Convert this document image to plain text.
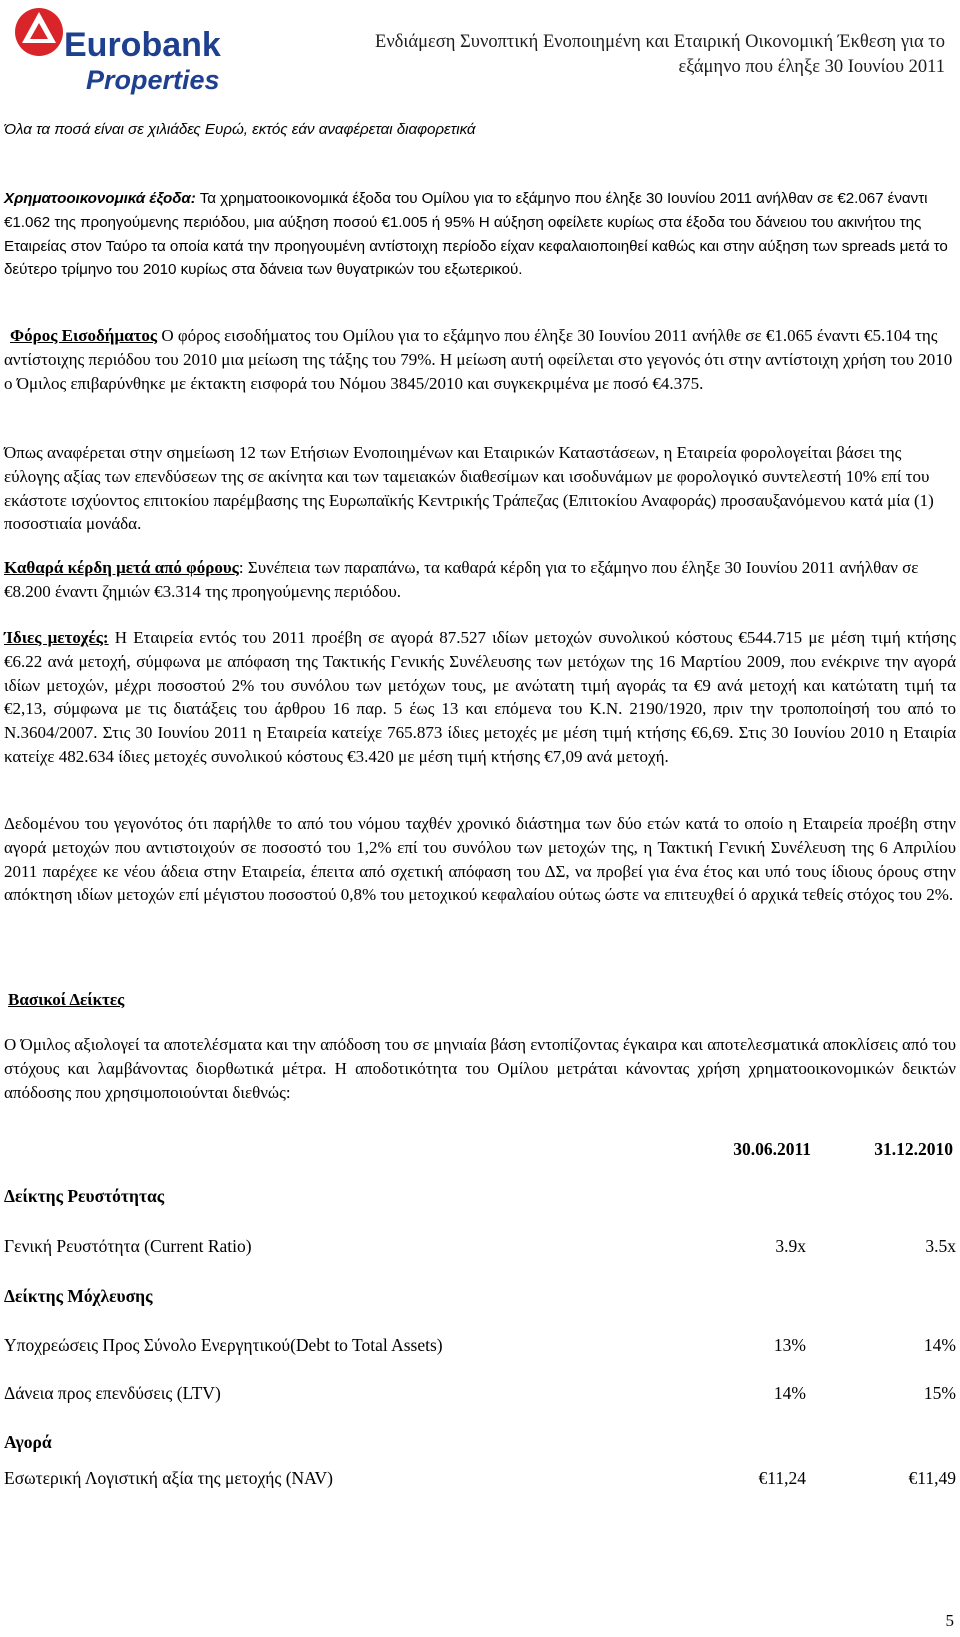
Eurobank
Properties
Ενδιάμεση Συνοπτική Ενοποιημένη και Εταιρική Οικονομική Έκθεση για το
εξάμηνο που έληξε 30 Ιουνίου 2011
Όλα τα ποσά είναι σε χιλιάδες Ευρώ, εκτός εάν αναφέρεται διαφορετικά
Χρηματοοικονομικά έξοδα: Τα χρηματοοικονομικά έξοδα του Ομίλου για το εξάμηνο που έληξε 30 Ιουνίου 2011 ανήλθαν σε €2.067 έναντι €1.062 της προηγούμενης περιόδου, μια αύξηση ποσού €1.005 ή 95% Η αύξηση οφείλετε κυρίως στα έξοδα του δάνειου του ακινήτου της Εταιρείας στον Ταύρο τα οποία κατά την προηγουμένη αντίστοιχη περίοδο είχαν κεφαλαιοποιηθεί καθώς και στην αύξηση των spreads μετά το δεύτερο τρίμηνο του 2010 κυρίως στα δάνεια των θυγατρικών του εξωτερικού.
Φόρος Εισοδήματος Ο φόρος εισοδήματος του Ομίλου για το εξάμηνο που έληξε 30 Ιουνίου 2011 ανήλθε σε €1.065 έναντι €5.104 της αντίστοιχης περιόδου του 2010 μια μείωση της τάξης του 79%. Η μείωση αυτή οφείλεται στο γεγονός ότι στην αντίστοιχη χρήση του 2010 ο Όμιλος επιβαρύνθηκε με έκτακτη εισφορά του Νόμου 3845/2010 και συγκεκριμένα με ποσό €4.375.
Όπως αναφέρεται στην σημείωση 12 των Ετήσιων Ενοποιημένων και Εταιρικών Καταστάσεων, η Εταιρεία φορολογείται βάσει της εύλογης αξίας των επενδύσεων της σε ακίνητα και των ταμειακών διαθεσίμων και ισοδυνάμων με φορολογικό συντελεστή 10% επί του εκάστοτε ισχύοντος επιτοκίου παρέμβασης της Ευρωπαϊκής Κεντρικής Τράπεζας (Επιτοκίου Αναφοράς) προσαυξανόμενου κατά μία (1) ποσοστιαία μονάδα.
Καθαρά κέρδη μετά από φόρους: Συνέπεια των παραπάνω, τα καθαρά κέρδη για το εξάμηνο που έληξε 30 Ιουνίου 2011 ανήλθαν σε €8.200 έναντι ζημιών €3.314 της προηγούμενης περιόδου.
Ίδιες μετοχές: Η Εταιρεία εντός του 2011 προέβη σε αγορά 87.527 ιδίων μετοχών συνολικού κόστους €544.715 με μέση τιμή κτήσης €6.22 ανά μετοχή, σύμφωνα με απόφαση της Τακτικής Γενικής Συνέλευσης των μετόχων της 16 Μαρτίου 2009, που ενέκρινε την αγορά ιδίων μετοχών, μέχρι ποσοστού 2% του συνόλου των μετόχων τους, με ανώτατη τιμή αγοράς τα €9 ανά μετοχή και κατώτατη τιμή τα €2,13, σύμφωνα με τις διατάξεις του άρθρου 16 παρ. 5 έως 13 και επόμενα του Κ.Ν. 2190/1920, πριν την τροποποίησή του από το Ν.3604/2007. Στις 30 Ιουνίου 2011 η Εταιρεία κατείχε 765.873 ίδιες μετοχές με μέση τιμή κτήσης €6,69. Στις 30 Ιουνίου 2010 η Εταιρία κατείχε 482.634 ίδιες μετοχές συνολικού κόστους €3.420 με μέση τιμή κτήσης €7,09 ανά μετοχή.
Δεδομένου του γεγονότος ότι παρήλθε το από του νόμου ταχθέν χρονικό διάστημα των δύο ετών κατά το οποίο η Εταιρεία προέβη στην αγορά μετοχών που αντιστοιχούν σε ποσοστό του 1,2% επί του συνόλου των μετοχών της, η Τακτική Γενική Συνέλευση της 6 Απριλίου 2011 παρέχεε κε νέου άδεια στην Εταιρεία, έπειτα από σχετική απόφαση του ΔΣ, να προβεί για ένα έτος και υπό τους ίδιους όρους στην απόκτηση ιδίων μετοχών επί μέγιστου ποσοστού 0,8% του μετοχικού κεφαλαίου ούτως ώστε να επιτευχθεί ό αρχικά τεθείς στόχος του 2%.
Βασικοί Δείκτες
Ο Όμιλος αξιολογεί τα αποτελέσματα και την απόδοση του σε μηνιαία βάση εντοπίζοντας έγκαιρα και αποτελεσματικά αποκλίσεις από του στόχους και λαμβάνοντας διορθωτικά μέτρα. Η αποδοτικότητα του Ομίλου μετράται κάνοντας χρήση χρηματοοικονομικών δεικτών απόδοσης που χρησιμοποιούνται διεθνώς:
30.06.2011	31.12.2010
Δείκτης Ρευστότητας
Γενική Ρευστότητα (Current Ratio)	3.9x	3.5x
Δείκτης Μόχλευσης
Υποχρεώσεις Προς Σύνολο Ενεργητικού(Debt to Total Assets)	13%	14%
Δάνεια προς επενδύσεις (LTV)	14%	15%
Αγορά
Εσωτερική Λογιστική αξία της μετοχής (NAV)	€11,24	€11,49
5
